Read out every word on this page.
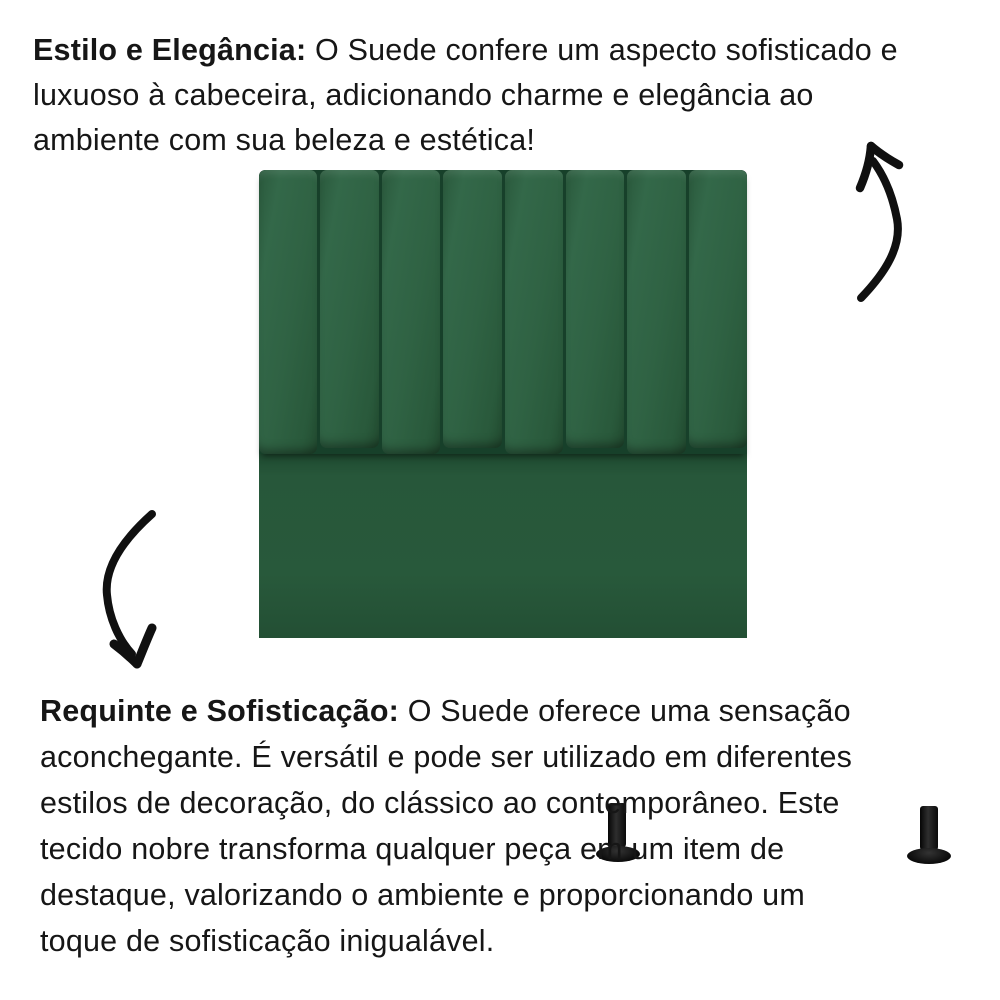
Estilo e Elegância: O Suede confere um aspecto sofisticado e
luxuoso à cabeceira, adicionando charme e elegância ao
ambiente com sua beleza e estética!

Requinte e Sofisticação: O Suede oferece uma sensação
aconchegante. É versátil e pode ser utilizado em diferentes
estilos de decoração, do clássico ao contemporâneo. Este
tecido nobre transforma qualquer peça em um item de
destaque, valorizando o ambiente e proporcionando um
toque de sofisticação inigualável.
